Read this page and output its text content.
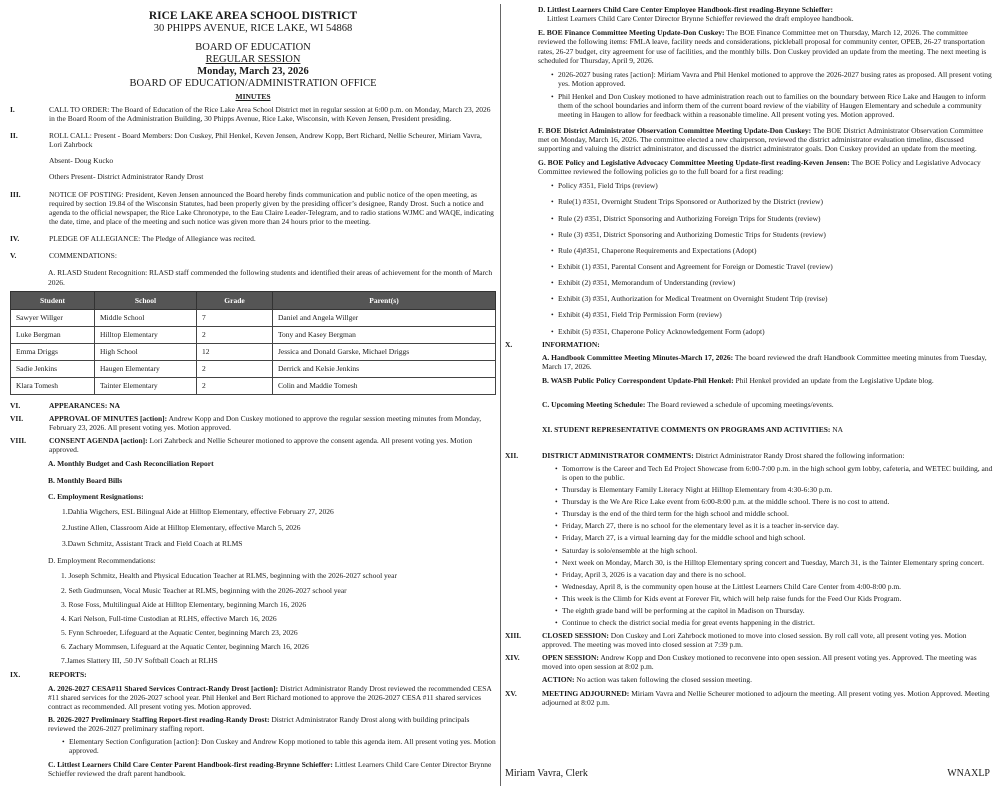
RICE LAKE AREA SCHOOL DISTRICT
30 PHIPPS AVENUE, RICE LAKE, WI 54868
BOARD OF EDUCATION
REGULAR SESSION
Monday, March 23, 2026
BOARD OF EDUCATION/ADMINISTRATION OFFICE
MINUTES
I.	CALL TO ORDER: The Board of Education of the Rice Lake Area School District met in regular session at 6:00 p.m. on Monday, March 23, 2026 in the Board Room of the Administration Building, 30 Phipps Avenue, Rice Lake, Wisconsin, with Keven Jensen, President presiding.

II.	ROLL CALL: Present - Board Members: Don Cuskey, Phil Henkel, Keven Jensen, Andrew Kopp, Bert Richard, Nellie Scheurer, Miriam Vavra, Lori Zahrbock

Absent- Doug Kucko

Others Present- District Administrator Randy Drost

III.	NOTICE OF POSTING: President, Keven Jensen announced the Board hereby finds communication and public notice of the open meeting, as required by section 19.84 of the Wisconsin Statutes, had been properly given by the presiding officer’s designee, Randy Drost. Such a notice and agenda to the official newspaper, the Rice Lake Chronotype, to the Eau Claire Leader-Telegram, and to radio stations WJMC and WAQE, indicating the date, time, and place of the meeting and such notice was given more than 24 hours prior to the meeting.

IV.	PLEDGE OF ALLEGIANCE: The Pledge of Allegiance was recited.

V.	COMMENDATIONS:

A. RLASD Student Recognition: RLASD staff commended the following students and identified their areas of achievement for the month of March 2026.
Student	School	Grade	Parent(s)
Sawyer Willger	Middle School	7	Daniel and Angela Willger
Luke Bergman	Hilltop Elementary	2	Tony and Kasey Bergman
Emma Driggs	High School	12	Jessica and Donald Garske, Michael Driggs
Sadie Jenkins	Haugen Elementary	2	Derrick and Kelsie Jenkins
Klara Tomesh	Tainter Elementary	2	Colin and Maddie Tomesh
VI.	APPEARANCES: NA
VII.	APPROVAL OF MINUTES [action]: Andrew Kopp and Don Cuskey motioned to approve the regular session meeting minutes from Monday, February 23, 2026. All present voting yes. Motion approved.
VIII.	CONSENT AGENDA [action]: Lori Zahrbeck and Nellie Scheurer motioned to approve the consent agenda. All present voting yes. Motion approved.
A. Monthly Budget and Cash Reconciliation Report
B. Monthly Board Bills
C. Employment Resignations:
1.Dahlia Wigchers, ESL Bilingual Aide at Hilltop Elementary, effective February 27, 2026
2.Justine Allen, Classroom Aide at Hilltop Elementary, effective March 5, 2026
3.Dawn Schmitz, Assistant Track and Field Coach at RLMS
D. Employment Recommendations:
1. Joseph Schmitz, Health and Physical Education Teacher at RLMS, beginning with the 2026-2027 school year
2. Seth Gudmunsen, Vocal Music Teacher at RLMS, beginning with the 2026-2027 school year
3. Rose Foss, Multilingual Aide at Hilltop Elementary, beginning March 16, 2026
4. Kari Nelson, Full-time Custodian at RLHS, effective March 16, 2026
5. Fynn Schroeder, Lifeguard at the Aquatic Center, beginning March 23, 2026
6. Zachary Mommsen, Lifeguard at the Aquatic Center, beginning March 16, 2026
7.James Slattery III, .50 JV Softball Coach at RLHS
IX.	REPORTS:
A. 2026-2027 CESA#11 Shared Services Contract-Randy Drost [action]: District Administrator Randy Drost reviewed the recommended CESA #11 shared services for the 2026-2027 school year. Phil Henkel and Bert Richard motioned to approve the 2026-2027 CESA #11 shared services contract as recommended. All present voting yes. Motion approved.
B. 2026-2027 Preliminary Staffing Report-first reading-Randy Drost: District Administrator Randy Drost along with building principals reviewed the 2026-2027 preliminary staffing report.
• Elementary Section Configuration [action]: Don Cuskey and Andrew Kopp motioned to table this agenda item. All present voting yes. Motion approved.
C. Littlest Learners Child Care Center Parent Handbook-first reading-Brynne Schieffer: Littlest Learners Child Care Center Director Brynne Schieffer reviewed the draft parent handbook.
D. Littlest Learners Child Care Center Employee Handbook-first reading-Brynne Schieffer:
Littlest Learners Child Care Center Director Brynne Schieffer reviewed the draft employee handbook.
E. BOE Finance Committee Meeting Update-Don Cuskey: The BOE Finance Committee met on Thursday, March 12, 2026. The committee reviewed the following items: FMLA leave, facility needs and considerations, pickleball proposal for community center, OPEB, 26-27 transportation rates, 26-27 budget, city agreement for use of facilities, and the monthly bills. Don Cuskey provided an update from the meeting. The next meeting is scheduled for Thursday, April 9, 2026.
• 2026-2027 busing rates [action]: Miriam Vavra and Phil Henkel motioned to approve the 2026-2027 busing rates as proposed. All present voting yes. Motion approved.
• Phil Henkel and Don Cuskey motioned to have administration reach out to families on the boundary between Rice Lake and Haugen to inform them of the school boundaries and inform them of the current board review of the viability of Haugen Elementary and schedule a community meeting in Haugen to allow for feedback within a reasonable timeline. All present voting yes. Motion approved.
F. BOE District Administrator Observation Committee Meeting Update-Don Cuskey: The BOE District Administrator Observation Committee met on Monday, March 16, 2026. The committee elected a new chairperson, reviewed the district administrator evaluation timeline, discussed supporting and valuing the district administrator, and discussed the district administrator goals. Don Cuskey provided an update from the meeting.
G. BOE Policy and Legislative Advocacy Committee Meeting Update-first reading-Keven Jensen: The BOE Policy and Legislative Advocacy Committee reviewed the following policies go to the full board for a first reading:
• Policy #351, Field Trips (review)
• Rule(1) #351, Overnight Student Trips Sponsored or Authorized by the District (review)
• Rule (2) #351, District Sponsoring and Authorizing Foreign Trips for Students (review)
• Rule (3) #351, District Sponsoring and Authorizing Domestic Trips for Students (review)
• Rule (4)#351, Chaperone Requirements and Expectations (Adopt)
• Exhibit (1) #351, Parental Consent and Agreement for Foreign or Domestic Travel (review)
• Exhibit (2) #351, Memorandum of Understanding (review)
• Exhibit (3) #351, Authorization for Medical Treatment on Overnight Student Trip (revise)
• Exhibit (4) #351, Field Trip Permission Form (review)
• Exhibit (5) #351, Chaperone Policy Acknowledgement Form (adopt)
X.	INFORMATION:
A. Handbook Committee Meeting Minutes-March 17, 2026: The board reviewed the draft Handbook Committee meeting minutes from Tuesday, March 17, 2026.
B. WASB Public Policy Correspondent Update-Phil Henkel: Phil Henkel provided an update from the Legislative Update blog.
C. Upcoming Meeting Schedule: The Board reviewed a schedule of upcoming meetings/events.
XI. STUDENT REPRESENTATIVE COMMENTS ON PROGRAMS AND ACTIVITIES: NA
XII.	DISTRICT ADMINISTRATOR COMMENTS: District Administrator Randy Drost shared the following information:
• Tomorrow is the Career and Tech Ed Project Showcase from 6:00-7:00 p.m. in the high school gym lobby, cafeteria, and WETEC building, and is open to the public.
• Thursday is Elementary Family Literacy Night at Hilltop Elementary from 4:30-6:30 p.m.
• Thursday is the We Are Rice Lake event from 6:00-8:00 p.m. at the middle school. There is no cost to attend.
• Thursday is the end of the third term for the high school and middle school.
• Friday, March 27, there is no school for the elementary level as it is a teacher in-service day.
• Friday, March 27, is a virtual learning day for the middle school and high school.
• Saturday is solo/ensemble at the high school.
• Next week on Monday, March 30, is the Hilltop Elementary spring concert and Tuesday, March 31, is the Tainter Elementary spring concert.
• Friday, April 3, 2026 is a vacation day and there is no school.
• Wednesday, April 8, is the community open house at the Littlest Learners Child Care Center from 4:00-8:00 p.m.
• This week is the Climb for Kids event at Forever Fit, which will help raise funds for the Feed Our Kids Program.
• The eighth grade band will be performing at the capitol in Madison on Thursday.
• Continue to check the district social media for great events happening in the district.
XIII.	CLOSED SESSION: Don Cuskey and Lori Zahrbock motioned to move into closed session. By roll call vote, all present voting yes. Motion approved. The meeting was moved into closed session at 7:39 p.m.
XIV.	OPEN SESSION: Andrew Kopp and Don Cuskey motioned to reconvene into open session. All present voting yes. Approved. The meeting was moved into open session at 8:02 p.m.
ACTION: No action was taken following the closed session meeting.
XV.	MEETING ADJOURNED: Miriam Vavra and Nellie Scheurer motioned to adjourn the meeting. All present voting yes. Motion Approved. Meeting adjourned at 8:02 p.m.
Miriam Vavra, Clerk	WNAXLP
